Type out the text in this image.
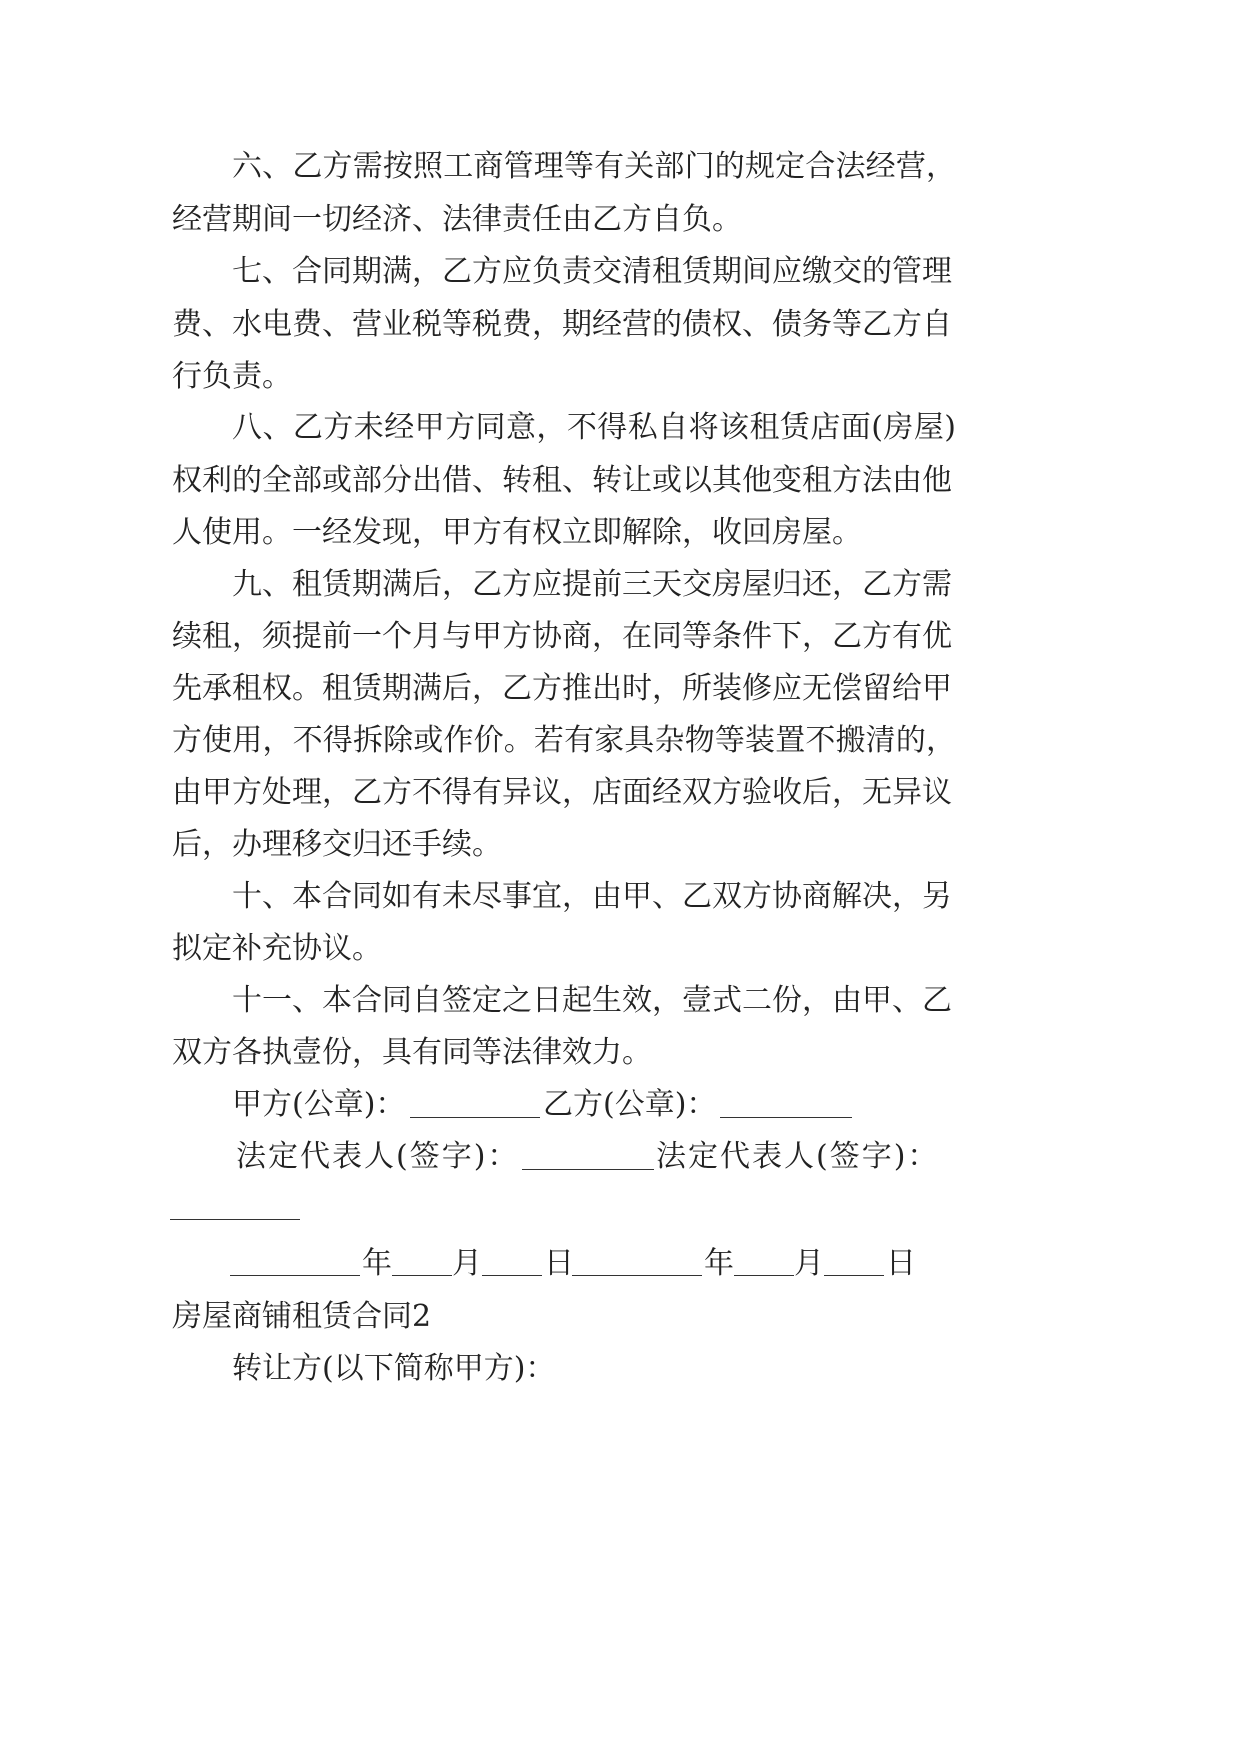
六、乙方需按照工商管理等有关部门的规定合法经营，
经营期间一切经济、法律责任由乙方自负。
七、合同期满，乙方应负责交清租赁期间应缴交的管理
费、水电费、营业税等税费，期经营的债权、债务等乙方自
行负责。
八、乙方未经甲方同意，不得私自将该租赁店面(房屋)
权利的全部或部分出借、转租、转让或以其他变租方法由他
人使用。一经发现，甲方有权立即解除，收回房屋。
九、租赁期满后，乙方应提前三天交房屋归还，乙方需
续租，须提前一个月与甲方协商，在同等条件下，乙方有优
先承租权。租赁期满后，乙方推出时，所装修应无偿留给甲
方使用，不得拆除或作价。若有家具杂物等装置不搬清的，
由甲方处理，乙方不得有异议，店面经双方验收后，无异议
后，办理移交归还手续。
十、本合同如有未尽事宜，由甲、乙双方协商解决，另
拟定补充协议。
十一、本合同自签定之日起生效，壹式二份，由甲、乙
双方各执壹份，具有同等法律效力。
甲方(公章)：	乙方(公章)：
法定代表人(签字)：	法定代表人(签字)：
年 月 日	年 月 日
房屋商铺租赁合同2
转让方(以下简称甲方)：
